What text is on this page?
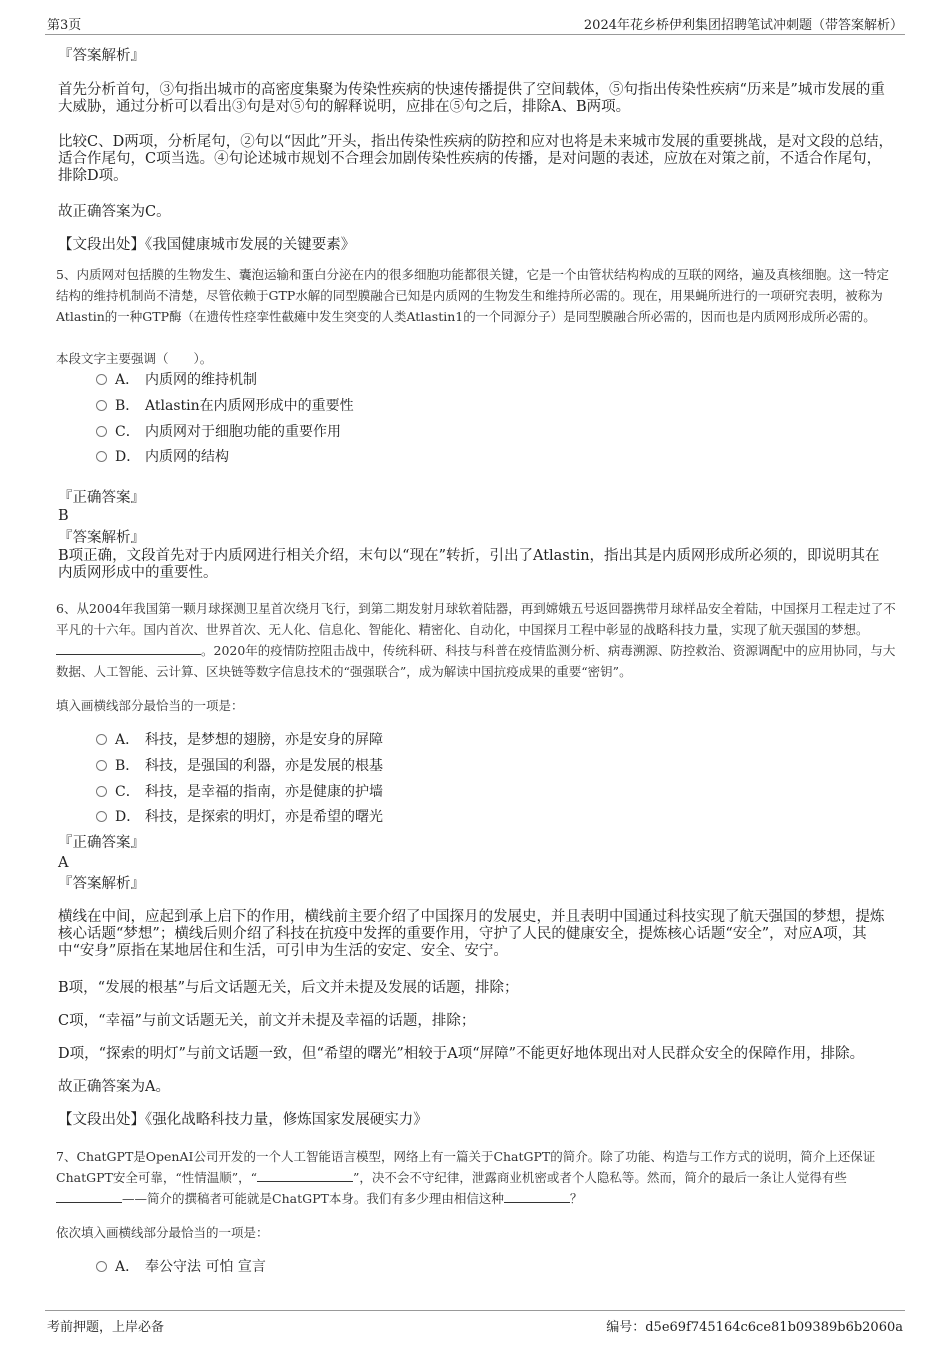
第3页	2024年花乡桥伊利集团招聘笔试冲刺题（带答案解析）

『答案解析』

首先分析首句，③句指出城市的高密度集聚为传染性疾病的快速传播提供了空间载体，⑤句指出传染性疾病“历来是”城市发展的重大威胁，通过分析可以看出③句是对⑤句的解释说明，应排在⑤句之后，排除A、B两项。

比较C、D两项，分析尾句，②句以“因此”开头，指出传染性疾病的防控和应对也将是未来城市发展的重要挑战，是对文段的总结，适合作尾句，C项当选。④句论述城市规划不合理会加剧传染性疾病的传播，是对问题的表述，应放在对策之前，不适合作尾句，排除D项。

故正确答案为C。

【文段出处】《我国健康城市发展的关键要素》

5、内质网对包括膜的生物发生、囊泡运输和蛋白分泌在内的很多细胞功能都很关键，它是一个由管状结构构成的互联的网络，遍及真核细胞。这一特定结构的维持机制尚不清楚，尽管依赖于GTP水解的同型膜融合已知是内质网的生物发生和维持所必需的。现在，用果蝇所进行的一项研究表明，被称为Atlastin的一种GTP酶（在遗传性痉挛性截瘫中发生突变的人类Atlastin1的一个同源分子）是同型膜融合所必需的，因而也是内质网形成所必需的。

本段文字主要强调（　　）。

A． 内质网的维持机制
B． Atlastin在内质网形成中的重要性
C． 内质网对于细胞功能的重要作用
D． 内质网的结构

『正确答案』

B

『答案解析』

B项正确，文段首先对于内质网进行相关介绍，末句以“现在”转折，引出了Atlastin，指出其是内质网形成所必须的，即说明其在内质网形成中的重要性。

6、从2004年我国第一颗月球探测卫星首次绕月飞行，到第二期发射月球软着陆器，再到嫦娥五号返回器携带月球样品安全着陆，中国探月工程走过了不平凡的十六年。国内首次、世界首次、无人化、信息化、智能化、精密化、自动化，中国探月工程中彰显的战略科技力量，实现了航天强国的梦想。。2020年的疫情防控阻击战中，传统科研、科技与科普在疫情监测分析、病毒溯源、防控救治、资源调配中的应用协同，与大数据、人工智能、云计算、区块链等数字信息技术的“强强联合”，成为解读中国抗疫成果的重要“密钥”。

填入画横线部分最恰当的一项是：

A． 科技，是梦想的翅膀，亦是安身的屏障
B． 科技，是强国的利器，亦是发展的根基
C． 科技，是幸福的指南，亦是健康的护墙
D． 科技，是探索的明灯，亦是希望的曙光

『正确答案』

A

『答案解析』

横线在中间，应起到承上启下的作用，横线前主要介绍了中国探月的发展史，并且表明中国通过科技实现了航天强国的梦想，提炼核心话题“梦想”；横线后则介绍了科技在抗疫中发挥的重要作用，守护了人民的健康安全，提炼核心话题“安全”，对应A项，其中“安身”原指在某地居住和生活，可引申为生活的安定、安全、安宁。

B项，“发展的根基”与后文话题无关，后文并未提及发展的话题，排除；

C项，“幸福”与前文话题无关，前文并未提及幸福的话题，排除；

D项，“探索的明灯”与前文话题一致，但“希望的曙光”相较于A项“屏障”不能更好地体现出对人民群众安全的保障作用，排除。

故正确答案为A。

【文段出处】《强化战略科技力量，修炼国家发展硬实力》

7、ChatGPT是OpenAI公司开发的一个人工智能语言模型，网络上有一篇关于ChatGPT的简介。除了功能、构造与工作方式的说明，简介上还保证ChatGPT安全可靠，“性情温顺”，“	”，决不会不守纪律，泄露商业机密或者个人隐私等。然而，简介的最后一条让人觉得有些——简介的撰稿者可能就是ChatGPT本身。我们有多少理由相信这种	？

依次填入画横线部分最恰当的一项是：

A． 奉公守法 可怕 宣言
考前押题，上岸必备	编号：d5e69f745164c6ce81b09389b6b2060a
